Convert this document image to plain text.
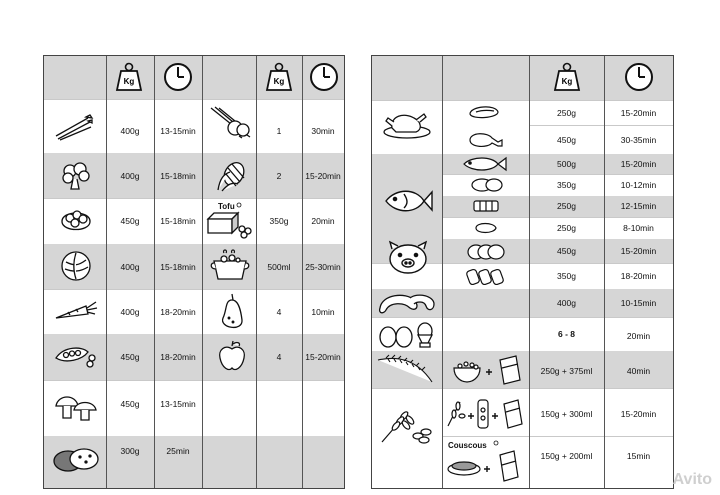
Kg	Kg
Tofu
400g	13-15min	1	30min
400g	15-18min	2	15-20min
450g	15-18min	350g	20min
400g	15-18min	500ml	25-30min
400g	18-20min	4	10min
450g	18-20min	4	15-20min
450g	13-15min
300g	25min
Kg
Couscous
250g	15-20min
450g	30-35min
500g	15-20min
350g	10-12min
250g	12-15min
250g	8-10min
450g	15-20min
350g	18-20min
400g	10-15min
6 - 8	20min
250g + 375ml	40min
150g + 300ml	15-20min
150g + 200ml	15min
Avito
